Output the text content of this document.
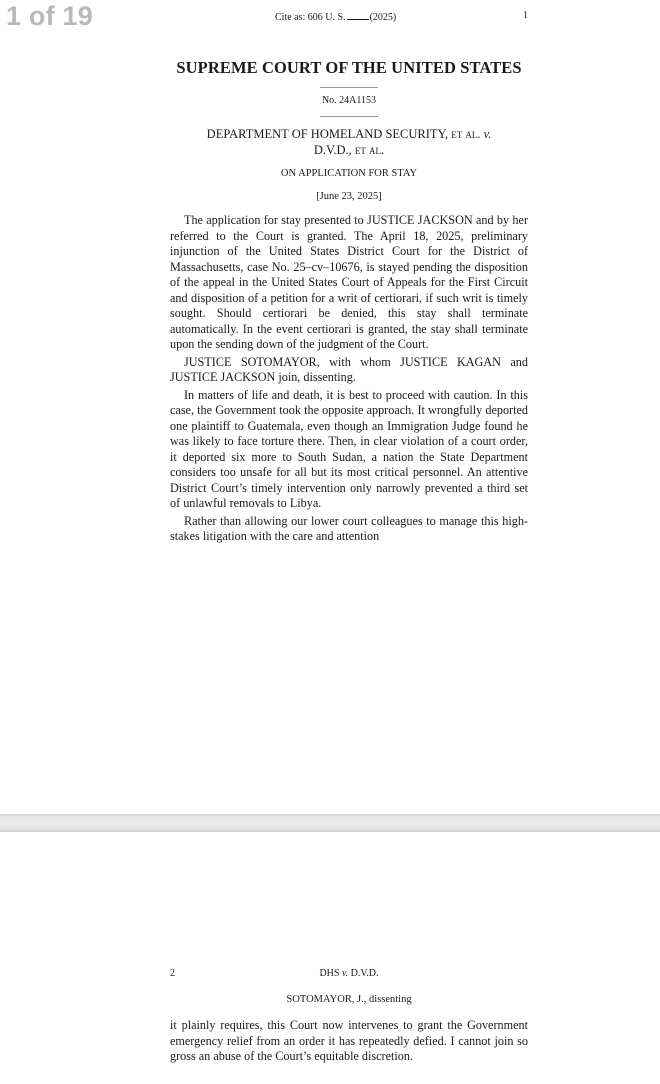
Cite as: 606 U. S. (2025)	1
SUPREME COURT OF THE UNITED STATES
No. 24A1153
DEPARTMENT OF HOMELAND SECURITY, et al. v.
D.V.D., et al.
ON APPLICATION FOR STAY
[June 23, 2025]

The application for stay presented to JUSTICE JACKSON and by her referred to the Court is granted. The April 18, 2025, preliminary injunction of the United States District Court for the District of Massachusetts, case No. 25–cv–10676, is stayed pending the disposition of the appeal in the United States Court of Appeals for the First Circuit and disposition of a petition for a writ of certiorari, if such writ is timely sought. Should certiorari be denied, this stay shall terminate automatically. In the event certiorari is granted, the stay shall terminate upon the sending down of the judgment of the Court.

JUSTICE SOTOMAYOR, with whom JUSTICE KAGAN and JUSTICE JACKSON join, dissenting.

In matters of life and death, it is best to proceed with caution. In this case, the Government took the opposite approach. It wrongfully deported one plaintiff to Guatemala, even though an Immigration Judge found he was likely to face torture there. Then, in clear violation of a court order, it deported six more to South Sudan, a nation the State Department considers too unsafe for all but its most critical personnel. An attentive District Court’s timely intervention only narrowly prevented a third set of unlawful removals to Libya.

Rather than allowing our lower court colleagues to manage this high-stakes litigation with the care and attention

2	DHS v. D.V.D.
SOTOMAYOR, J., dissenting

it plainly requires, this Court now intervenes to grant the Government emergency relief from an order it has repeatedly defied. I cannot join so gross an abuse of the Court’s equitable discretion.

1 of 19
